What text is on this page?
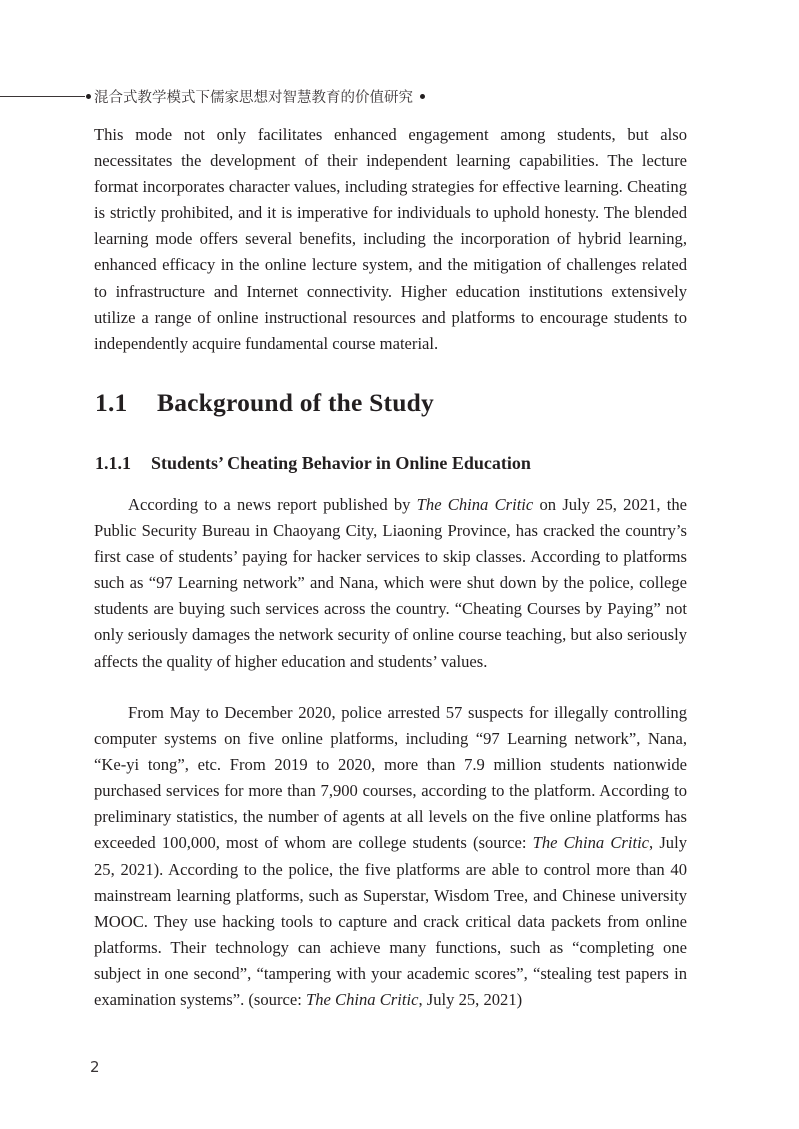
混合式教学模式下儒家思想对智慧教育的价值研究

This mode not only facilitates enhanced engagement among students, but also necessitates the development of their independent learning capabilities. The lecture format incorporates character values, including strategies for effective learning. Cheating is strictly prohibited, and it is imperative for individuals to uphold honesty. The blended learning mode offers several benefits, including the incorporation of hybrid learning, enhanced efficacy in the online lecture system, and the mitigation of challenges related to infrastructure and Internet connectivity. Higher education institutions extensively utilize a range of online instructional resources and platforms to encourage students to independently acquire fundamental course material.

1.1 Background of the Study
1.1.1 Students’ Cheating Behavior in Online Education

According to a news report published by The China Critic on July 25, 2021, the Public Security Bureau in Chaoyang City, Liaoning Province, has cracked the country’s first case of students’ paying for hacker services to skip classes. According to platforms such as “97 Learning network” and Nana, which were shut down by the police, college students are buying such services across the country. “Cheating Courses by Paying” not only seriously damages the network security of online course teaching, but also seriously affects the quality of higher education and students’ values.

From May to December 2020, police arrested 57 suspects for illegally controlling computer systems on five online platforms, including “97 Learning network”, Nana, “Ke-yi tong”, etc. From 2019 to 2020, more than 7.9 million students nationwide purchased services for more than 7,900 courses, according to the platform. According to preliminary statistics, the number of agents at all levels on the five online platforms has exceeded 100,000, most of whom are college students (source: The China Critic, July 25, 2021). According to the police, the five platforms are able to control more than 40 mainstream learning platforms, such as Superstar, Wisdom Tree, and Chinese university MOOC. They use hacking tools to capture and crack critical data packets from online platforms. Their technology can achieve many functions, such as “completing one subject in one second”, “tampering with your academic scores”, “stealing test papers in examination systems”. (source: The China Critic, July 25, 2021)

2
